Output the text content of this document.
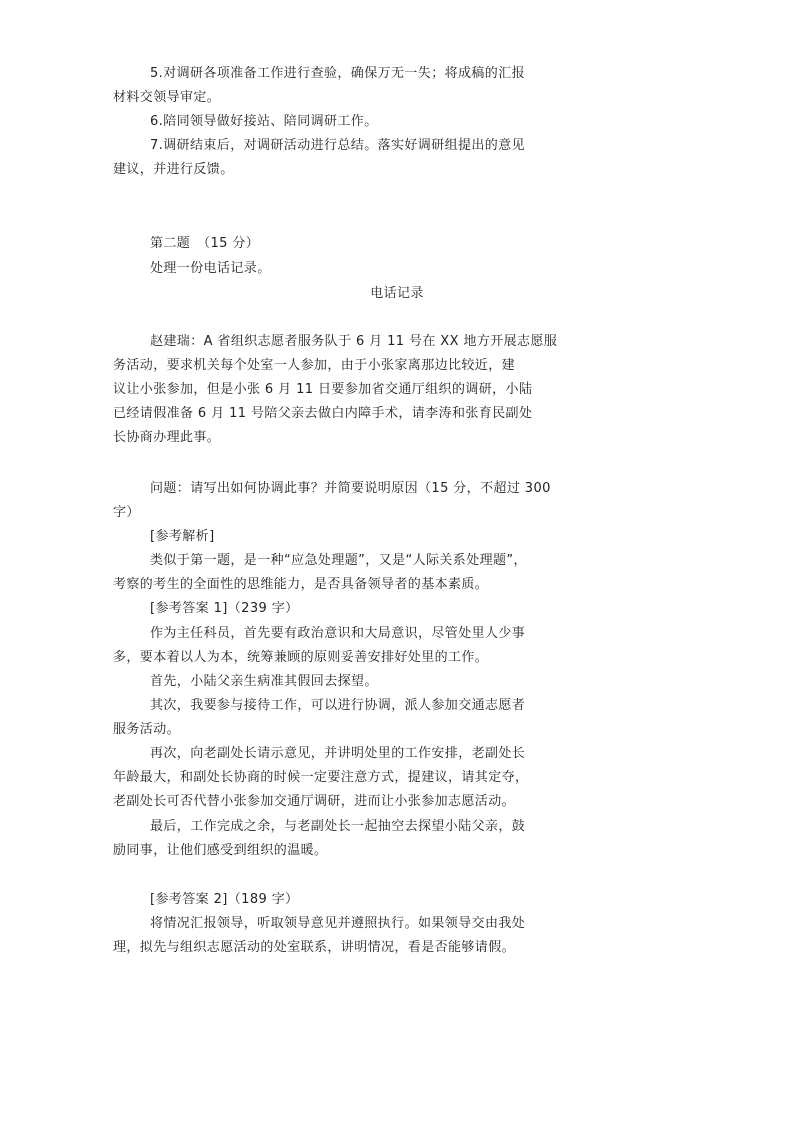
5.对调研各项准备工作进行查验，确保万无一失；将成稿的汇报
材料交领导审定。
6.陪同领导做好接站、陪同调研工作。
7.调研结束后，对调研活动进行总结。落实好调研组提出的意见
建议，并进行反馈。
第二题　（15 分）
处理一份电话记录。
电话记录
赵建瑞：A 省组织志愿者服务队于 6 月 11 号在 XX 地方开展志愿服
务活动，要求机关每个处室一人参加，由于小张家离那边比较近，建
议让小张参加，但是小张 6 月 11 日要参加省交通厅组织的调研，小陆
已经请假准备 6 月 11 号陪父亲去做白内障手术，请李涛和张育民副处
长协商办理此事。
问题：请写出如何协调此事？并简要说明原因（15 分，不超过 300
字）
[参考解析]
类似于第一题，是一种“应急处理题”，又是“人际关系处理题”，
考察的考生的全面性的思维能力，是否具备领导者的基本素质。
[参考答案 1]（239 字）
作为主任科员，首先要有政治意识和大局意识，尽管处里人少事
多，要本着以人为本，统筹兼顾的原则妥善安排好处里的工作。
首先，小陆父亲生病准其假回去探望。
其次，我要参与接待工作，可以进行协调，派人参加交通志愿者
服务活动。
再次，向老副处长请示意见，并讲明处里的工作安排，老副处长
年龄最大，和副处长协商的时候一定要注意方式，提建议，请其定夺，
老副处长可否代替小张参加交通厅调研，进而让小张参加志愿活动。
最后，工作完成之余，与老副处长一起抽空去探望小陆父亲，鼓
励同事，让他们感受到组织的温暖。
[参考答案 2]（189 字）
将情况汇报领导，听取领导意见并遵照执行。如果领导交由我处
理，拟先与组织志愿活动的处室联系，讲明情况，看是否能够请假。
